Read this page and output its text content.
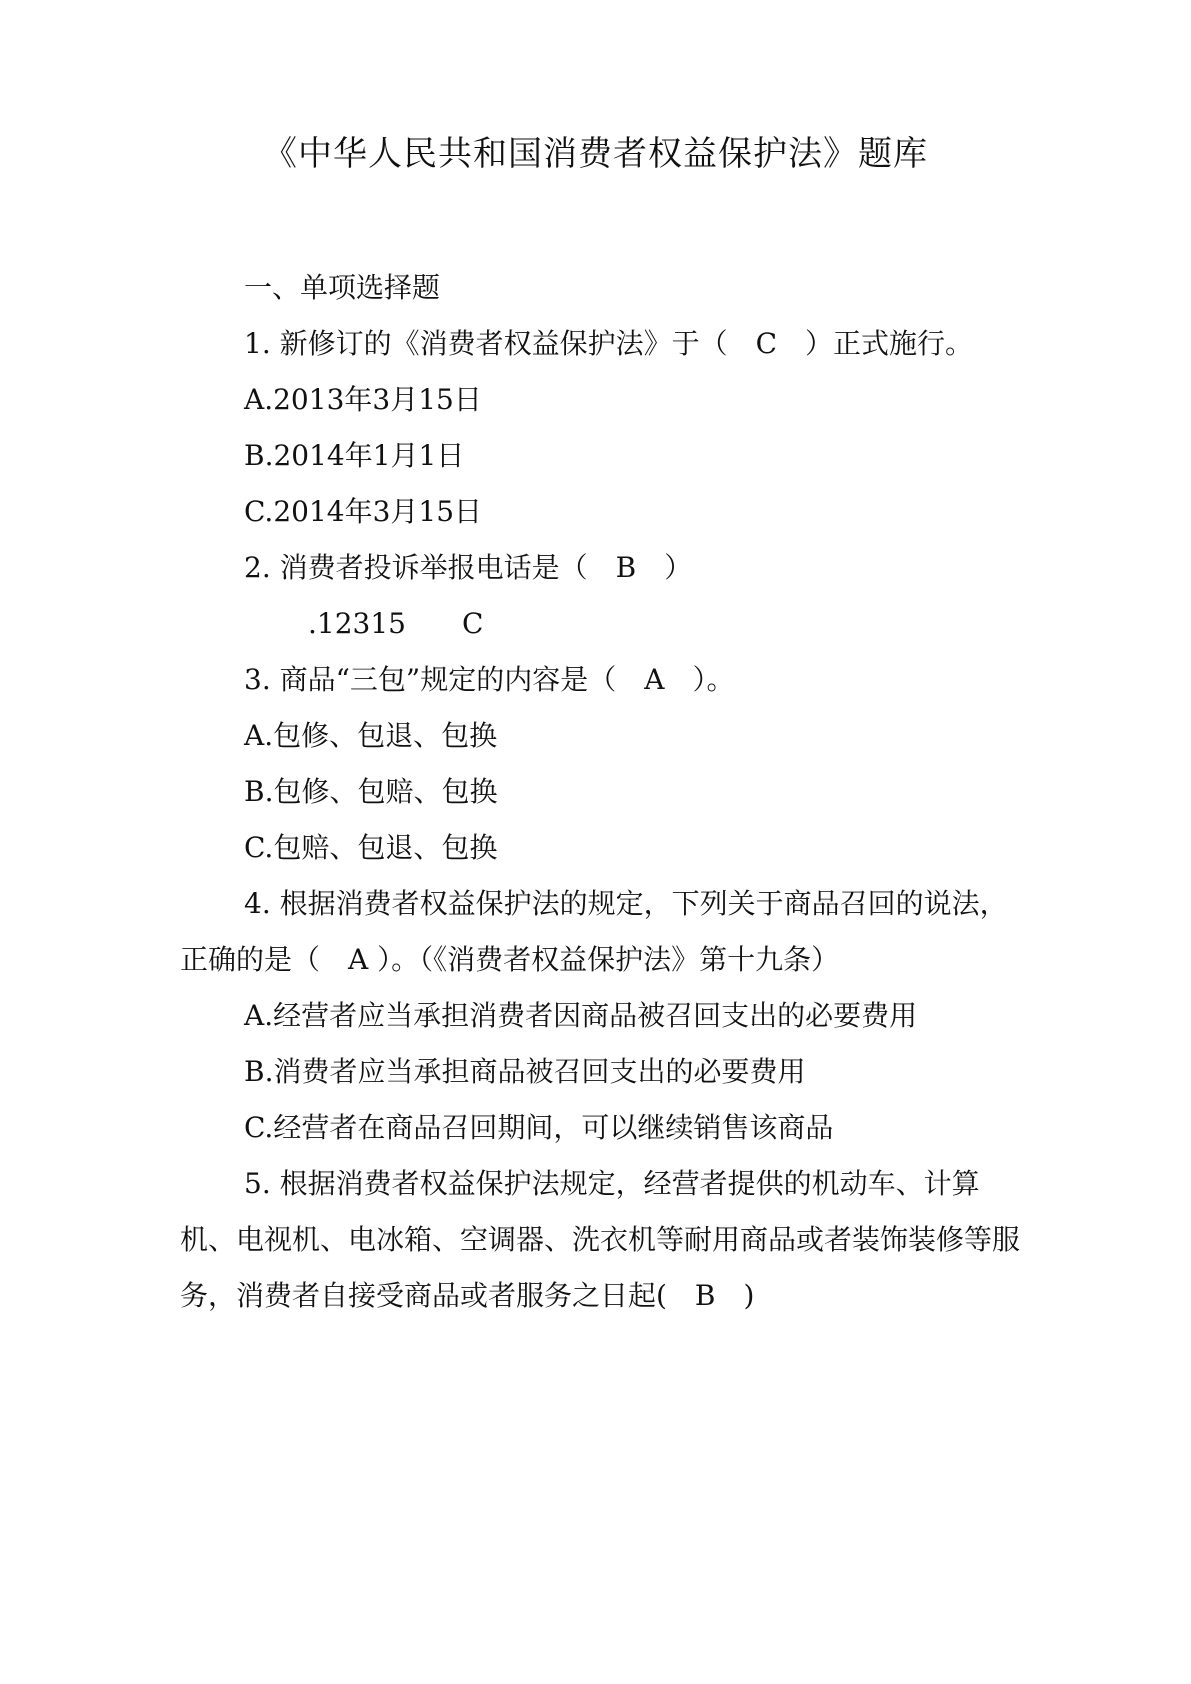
《中华人民共和国消费者权益保护法》题库

一、单项选择题

1. 新修订的《消费者权益保护法》于（　C　）正式施行。

A.2013年3月15日

B.2014年1月1日

C.2014年3月15日

2. 消费者投诉举报电话是（　B　）

.12315　　C

3. 商品“三包”规定的内容是（　A　）。

A.包修、包退、包换

B.包修、包赔、包换

C.包赔、包退、包换

4. 根据消费者权益保护法的规定，下列关于商品召回的说法，正确的是（　A ）。（《消费者权益保护法》第十九条）

A.经营者应当承担消费者因商品被召回支出的必要费用

B.消费者应当承担商品被召回支出的必要费用

C.经营者在商品召回期间，可以继续销售该商品

5. 根据消费者权益保护法规定，经营者提供的机动车、计算机、电视机、电冰箱、空调器、洗衣机等耐用商品或者装饰装修等服务，消费者自接受商品或者服务之日起(　B　)
